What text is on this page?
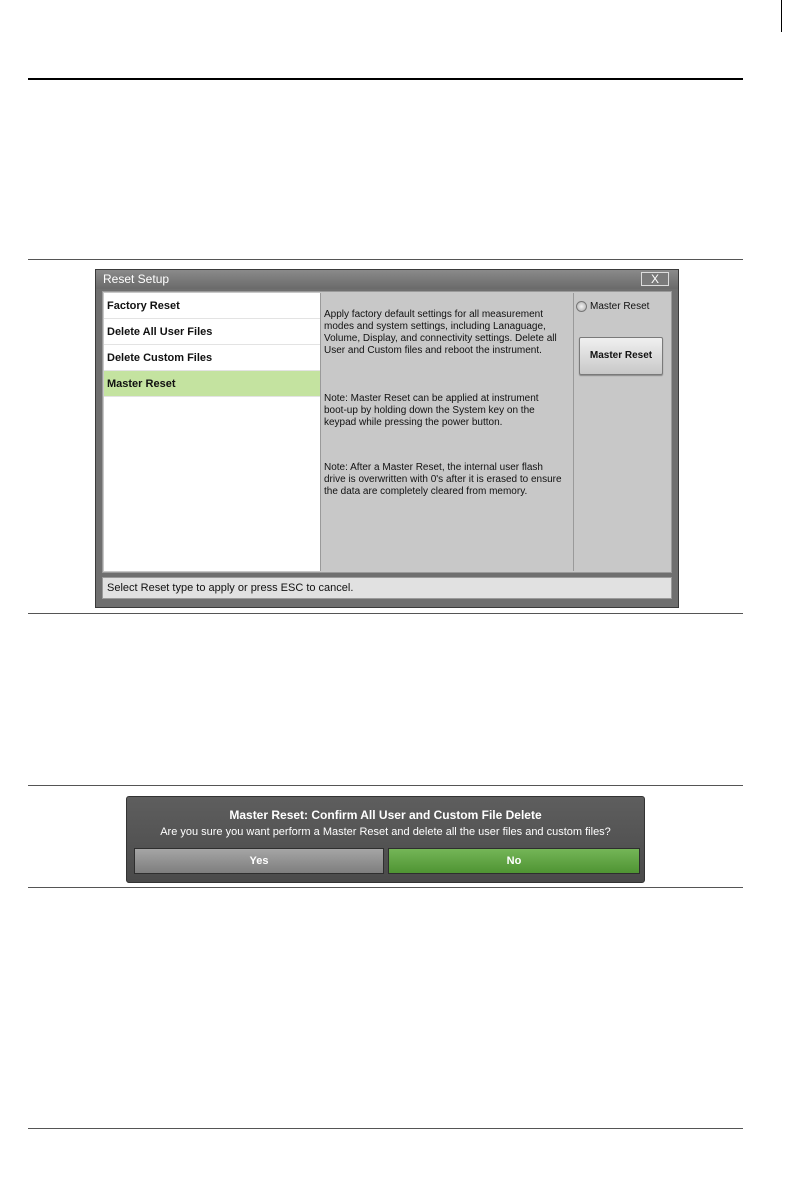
Reset Setup	X
Factory Reset
Delete All User Files
Delete Custom Files
Master Reset

Apply factory default settings for all measurement modes and system settings, including Lanaguage, Volume, Display, and connectivity settings. Delete all User and Custom files and reboot the instrument.

Note: Master Reset can be applied at instrument boot-up by holding down the System key on the keypad while pressing the power button.

Note: After a Master Reset, the internal user flash drive is overwritten with 0's after it is erased to ensure the data are completely cleared from memory.

Master Reset
Master Reset
Select Reset type to apply or press ESC to cancel.
Master Reset: Confirm All User and Custom File Delete
Are you sure you want perform a Master Reset and delete all the user files and custom files?
Yes	No
